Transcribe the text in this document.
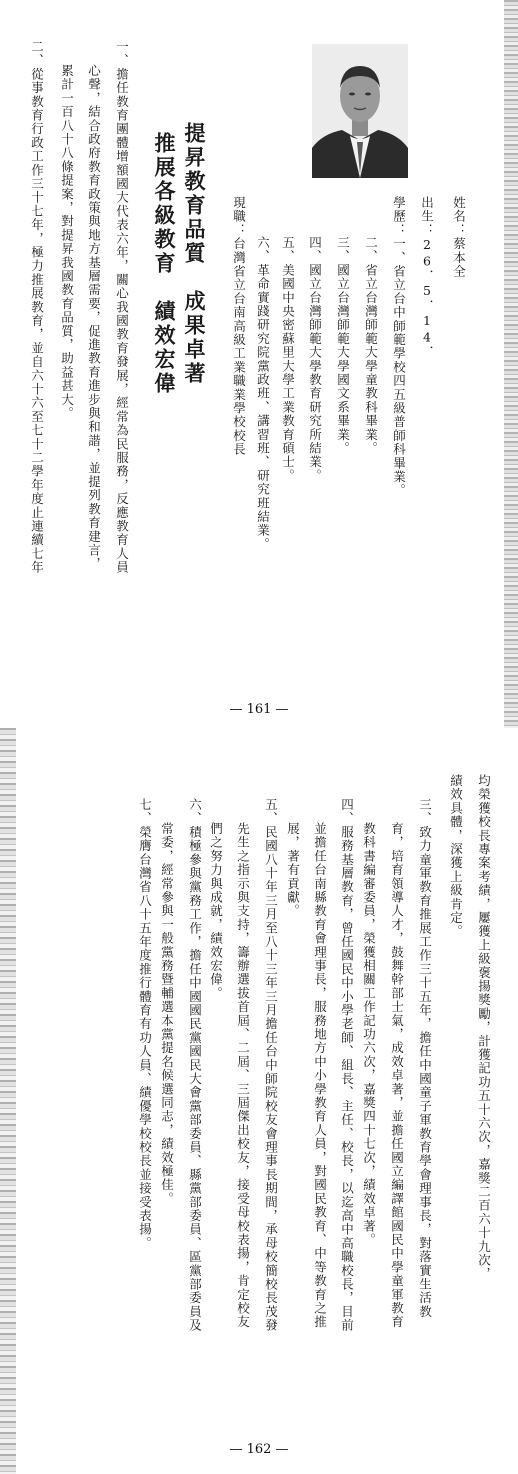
姓名：蔡本全
出生：26．5．14．
學歷：一、省立台中師範學校四五級普師科畢業。
二、省立台灣師範大學童教科畢業。
三、國立台灣師範大學國文系畢業。
四、國立台灣師範大學教育研究所結業。
五、美國中央密蘇里大學工業教育碩士。
六、革命實踐研究院黨政班、講習班、研究班結業。
現職：台灣省立台南高級工業職業學校校長
提昇教育品質　成果卓著
推展各級教育　績效宏偉
一、擔任教育團體增額國大代表六年，關心我國教育發展，經常為民服務，反應教育人員
心聲，結合政府教育政策與地方基層需要，促進教育進步與和諧，並提列教育建言，
累計一百八十八條提案，對提昇我國教育品質，助益甚大。
二、從事教育行政工作三十七年，極力推展教育，並自六十六至七十二學年度止連續七年
— 161 —
均榮獲校長專案考績，屢獲上級褒揚獎勵，計獲記功五十六次，嘉獎二百六十九次，
績效具體，深獲上級肯定。
三、致力童軍教育推展工作三十五年，擔任中國童子軍教育學會理事長，對落實生活教
育，培育領導人才，鼓舞幹部士氣，成效卓著，並擔任國立編譯館國民中學童軍教育
教科書編審委員，榮獲相關工作記功六次，嘉獎四十七次，績效卓著。
四、服務基層教育，曾任國民中小學老師、組長、主任、校長，以迄高中高職校長，目前
並擔任台南縣教育會理事長，服務地方中小學教育人員，對國民教育、中等教育之推
展，著有貢獻。
五、民國八十年三月至八十三年三月擔任台中師院校友會理事長期間，承母校簡校長茂發
先生之指示與支持，籌辦選拔首屆、二屆、三屆傑出校友，接受母校表揚，肯定校友
們之努力與成就，績效宏偉。
六、積極參與黨務工作，擔任中國國民黨國民大會黨部委員、縣黨部委員、區黨部委員及
常委，經常參與一般黨務暨輔選本黨提名候選同志，績效極佳。
七、榮膺台灣省八十五年度推行體育有功人員、績優學校校長並接受表揚。
— 162 —
